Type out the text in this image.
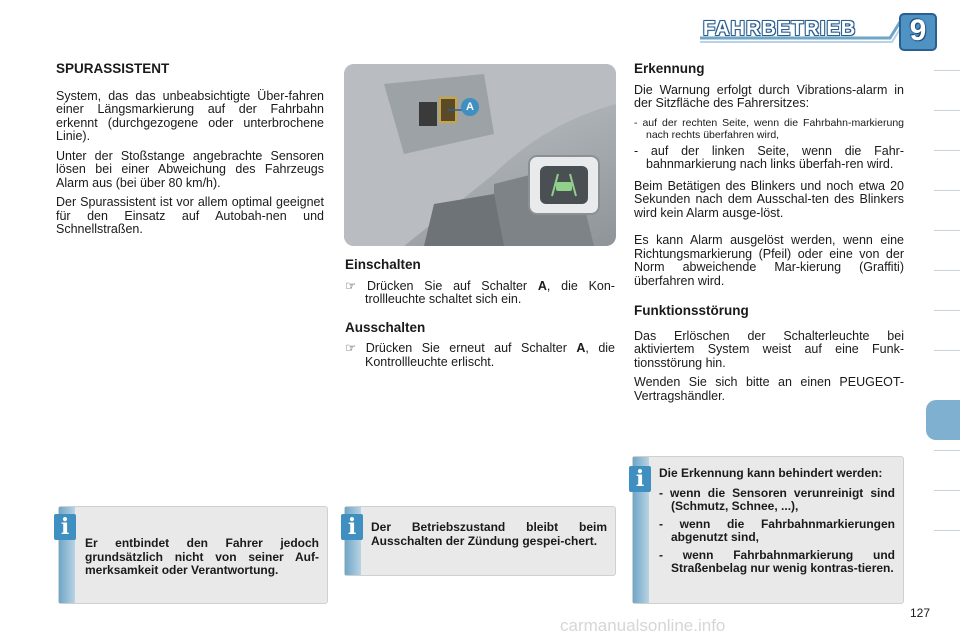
FAHRBETRIEB	9
SPURASSISTENT

System, das das unbeabsichtigte Über-fahren einer Längsmarkierung auf der Fahrbahn erkennt (durchgezogene oder unterbrochene Linie).

Unter der Stoßstange angebrachte Sensoren lösen bei einer Abweichung des Fahrzeugs Alarm aus (bei über 80 km/h).

Der Spurassistent ist vor allem optimal geeignet für den Einsatz auf Autobah-nen und Schnellstraßen.

A
Einschalten

☞ Drücken Sie auf Schalter A, die Kon-trollleuchte schaltet sich ein.

Ausschalten

☞ Drücken Sie erneut auf Schalter A, die Kontrollleuchte erlischt.

Erkennung

Die Warnung erfolgt durch Vibrations-alarm in der Sitzfläche des Fahrersitzes:

- auf der rechten Seite, wenn die Fahrbahn-markierung nach rechts überfahren wird,

- auf der linken Seite, wenn die Fahr-bahnmarkierung nach links überfah-ren wird.

Beim Betätigen des Blinkers und noch etwa 20 Sekunden nach dem Ausschal-ten des Blinkers wird kein Alarm ausge-löst.

Es kann Alarm ausgelöst werden, wenn eine Richtungsmarkierung (Pfeil) oder eine von der Norm abweichende Mar-kierung (Graffiti) überfahren wird.

Funktionsstörung

Das Erlöschen der Schalterleuchte bei aktiviertem System weist auf eine Funk-tionsstörung hin.

Wenden Sie sich bitte an einen PEUGEOT-Vertragshändler.

Er entbindet den Fahrer jedoch grundsätzlich nicht von seiner Auf-merksamkeit oder Verantwortung.
i	Der Betriebszustand bleibt beim Ausschalten der Zündung gespei-chert.
i
Die Erkennung kann behindert werden:
- wenn die Sensoren verunreinigt sind (Schmutz, Schnee, ...),
- wenn die Fahrbahnmarkierungen abgenutzt sind,
- wenn Fahrbahnmarkierung und Straßenbelag nur wenig kontras-tieren.
i
carmanualsonline.info
127
